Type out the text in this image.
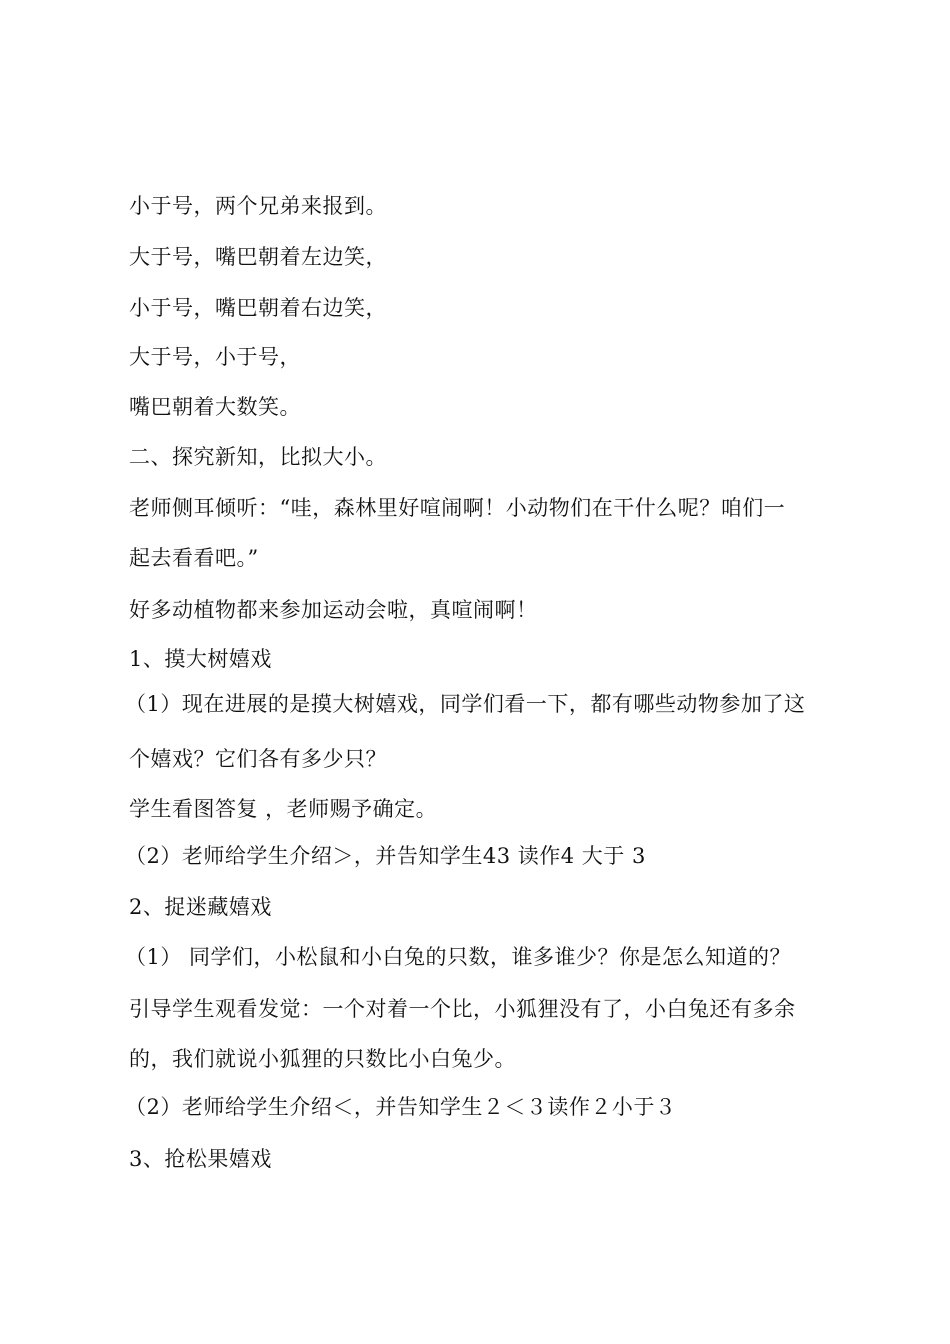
小于号，两个兄弟来报到。
大于号，嘴巴朝着左边笑，
小于号，嘴巴朝着右边笑，
大于号，小于号，
嘴巴朝着大数笑。
二、探究新知，比拟大小。
老师侧耳倾听：“哇，森林里好喧闹啊！小动物们在干什么呢？咱们一
起去看看吧。”
好多动植物都来参加运动会啦，真喧闹啊！
1、摸大树嬉戏
（1）现在进展的是摸大树嬉戏，同学们看一下，都有哪些动物参加了这
个嬉戏？它们各有多少只？
学生看图答复 ，老师赐予确定。
（2）老师给学生介绍＞，并告知学生43 读作4 大于 3
2、捉迷藏嬉戏
（1） 同学们，小松鼠和小白兔的只数，谁多谁少？你是怎么知道的？
引导学生观看发觉：一个对着一个比，小狐狸没有了，小白兔还有多余
的，我们就说小狐狸的只数比小白兔少。
（2）老师给学生介绍＜，并告知学生２＜３读作２小于３
3、抢松果嬉戏
